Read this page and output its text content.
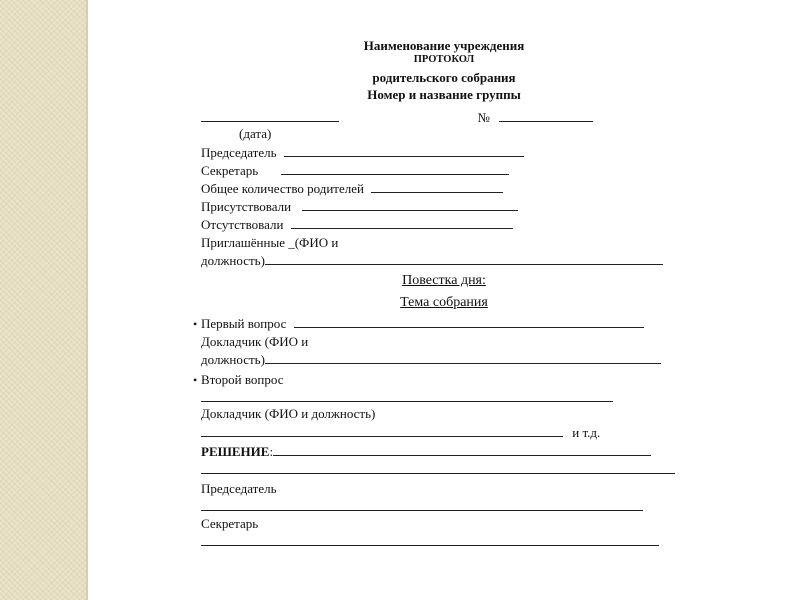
Наименование учреждения
ПРОТОКОЛ
родительского собрания
Номер и название группы
№
(дата)
Председатель
Секретарь
Общее количество родителей
Присутствовали
Отсутствовали
Приглашённые _(ФИО и
должность)
Повестка дня:
Тема собрания
• Первый вопрос
Докладчик (ФИО и
должность)
• Второй вопрос
Докладчик (ФИО и должность)
и т.д.
РЕШЕНИЕ:
Председатель
Секретарь
